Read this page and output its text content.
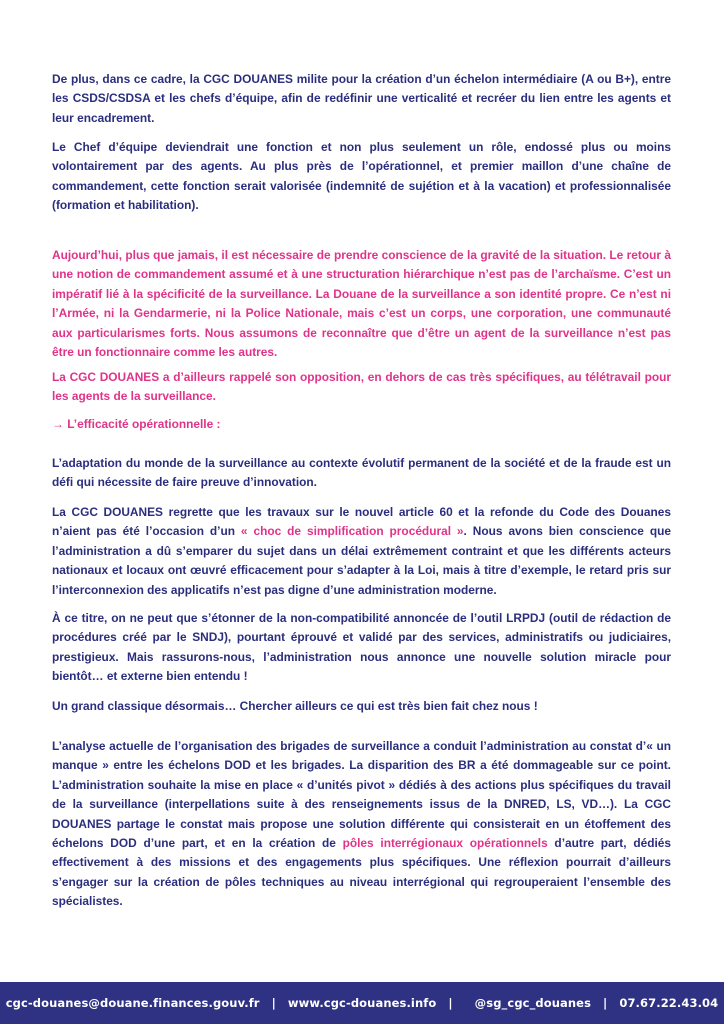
De plus, dans ce cadre, la CGC DOUANES milite pour la création d’un échelon intermédiaire (A ou B+), entre les CSDS/CSDSA et les chefs d’équipe, afin de redéfinir une verticalité et recréer du lien entre les agents et leur encadrement.

Le Chef d’équipe deviendrait une fonction et non plus seulement un rôle, endossé plus ou moins volontairement par des agents. Au plus près de l’opérationnel, et premier maillon d’une chaîne de commandement, cette fonction serait valorisée (indemnité de sujétion et à la vacation) et professionnalisée (formation et habilitation).

Aujourd’hui, plus que jamais, il est nécessaire de prendre conscience de la gravité de la situation. Le retour à une notion de commandement assumé et à une structuration hiérarchique n’est pas de l’archaïsme. C’est un impératif lié à la spécificité de la surveillance. La Douane de la surveillance a son identité propre. Ce n’est ni l’Armée, ni la Gendarmerie, ni la Police Nationale, mais c’est un corps, une corporation, une communauté aux particularismes forts. Nous assumons de reconnaître que d’être un agent de la surveillance n’est pas être un fonctionnaire comme les autres.

La CGC DOUANES a d’ailleurs rappelé son opposition, en dehors de cas très spécifiques, au télétravail pour les agents de la surveillance.

→ L’efficacité opérationnelle :

L’adaptation du monde de la surveillance au contexte évolutif permanent de la société et de la fraude est un défi qui nécessite de faire preuve d’innovation.

La CGC DOUANES regrette que les travaux sur le nouvel article 60 et la refonde du Code des Douanes n’aient pas été l’occasion d’un « choc de simplification procédural ». Nous avons bien conscience que l’administration a dû s’emparer du sujet dans un délai extrêmement contraint et que les différents acteurs nationaux et locaux ont œuvré efficacement pour s’adapter à la Loi, mais à titre d’exemple, le retard pris sur l’interconnexion des applicatifs n’est pas digne d’une administration moderne.

À ce titre, on ne peut que s’étonner de la non-compatibilité annoncée de l’outil LRPDJ (outil de rédaction de procédures créé par le SNDJ), pourtant éprouvé et validé par des services, administratifs ou judiciaires, prestigieux. Mais rassurons-nous, l’administration nous annonce une nouvelle solution miracle pour bientôt… et externe bien entendu !

Un grand classique désormais… Chercher ailleurs ce qui est très bien fait chez nous !

L’analyse actuelle de l’organisation des brigades de surveillance a conduit l’administration au constat d’« un manque » entre les échelons DOD et les brigades. La disparition des BR a été dommageable sur ce point. L’administration souhaite la mise en place « d’unités pivot » dédiés à des actions plus spécifiques du travail de la surveillance (interpellations suite à des renseignements issus de la DNRED, LS, VD…). La CGC DOUANES partage le constat mais propose une solution différente qui consisterait en un étoffement des échelons DOD d’une part, et en la création de pôles interrégionaux opérationnels d’autre part, dédiés effectivement à des missions et des engagements plus spécifiques. Une réflexion pourrait d’ailleurs s’engager sur la création de pôles techniques au niveau interrégional qui regrouperaient l’ensemble des spécialistes.

cgc-douanes@douane.finances.gouv.fr | www.cgc-douanes.info | @sg_cgc_douanes | 07.67.22.43.04
